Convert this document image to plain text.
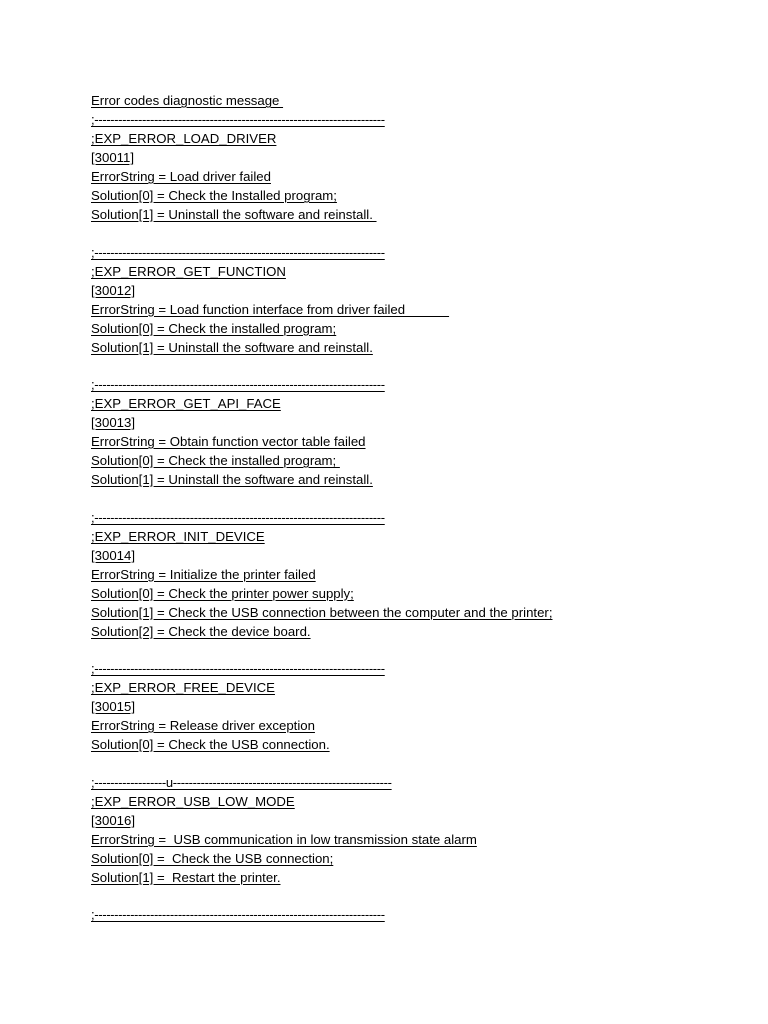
Error codes diagnostic message

;-------------------------------------------------------------------------

;EXP_ERROR_LOAD_DRIVER

[30011]

ErrorString = Load driver failed

Solution[0] = Check the Installed program;

Solution[1] = Uninstall the software and reinstall.

;-------------------------------------------------------------------------

;EXP_ERROR_GET_FUNCTION

[30012]

ErrorString = Load function interface from driver failed

Solution[0] = Check the installed program;

Solution[1] = Uninstall the software and reinstall.

;-------------------------------------------------------------------------

;EXP_ERROR_GET_API_FACE

[30013]

ErrorString = Obtain function vector table failed

Solution[0] = Check the installed program;

Solution[1] = Uninstall the software and reinstall.

;-------------------------------------------------------------------------

;EXP_ERROR_INIT_DEVICE

[30014]

ErrorString = Initialize the printer failed

Solution[0] = Check the printer power supply;

Solution[1] = Check the USB connection between the computer and the printer;

Solution[2] = Check the device board.

;-------------------------------------------------------------------------

;EXP_ERROR_FREE_DEVICE

[30015]

ErrorString = Release driver exception

Solution[0] = Check the USB connection.

;------------------u-------------------------------------------------------

;EXP_ERROR_USB_LOW_MODE

[30016]

ErrorString =  USB communication in low transmission state alarm

Solution[0] =  Check the USB connection;

Solution[1] =  Restart the printer.

;-------------------------------------------------------------------------
